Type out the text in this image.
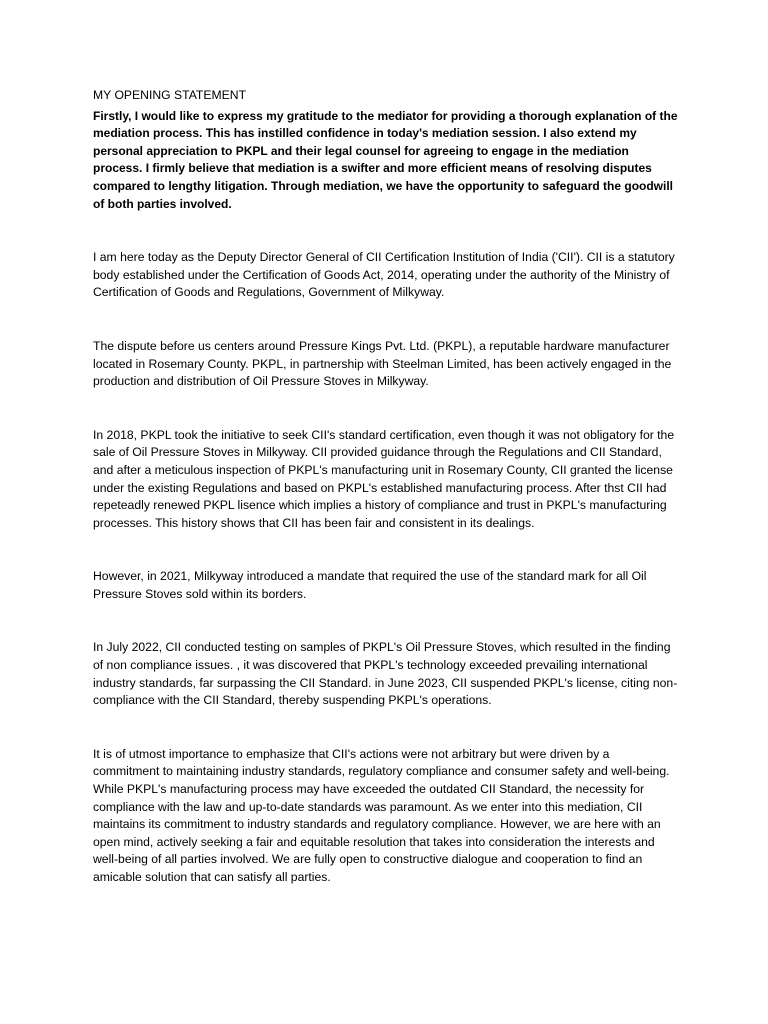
MY OPENING STATEMENT

Firstly, I would like to express my gratitude to the mediator for providing a thorough explanation of the mediation process. This has instilled confidence in today's mediation session. I also extend my personal appreciation to PKPL and their legal counsel for agreeing to engage in the mediation process. I firmly believe that mediation is a swifter and more efficient means of resolving disputes compared to lengthy litigation. Through mediation, we have the opportunity to safeguard the goodwill of both parties involved.

I am here today as the Deputy Director General of CII Certification Institution of India ('CII'). CII is a statutory body established under the Certification of Goods Act, 2014, operating under the authority of the Ministry of Certification of Goods and Regulations, Government of Milkyway.

The dispute before us centers around Pressure Kings Pvt. Ltd. (PKPL), a reputable hardware manufacturer located in Rosemary County. PKPL, in partnership with Steelman Limited, has been actively engaged in the production and distribution of Oil Pressure Stoves in Milkyway.

In 2018, PKPL took the initiative to seek CII's standard certification, even though it was not obligatory for the sale of Oil Pressure Stoves in Milkyway. CII provided guidance through the Regulations and CII Standard, and after a meticulous inspection of PKPL's manufacturing unit in Rosemary County, CII granted the license under the existing Regulations and based on PKPL's established manufacturing process. After thst CII had repeteadly renewed PKPL lisence which implies a history of compliance and trust in PKPL's manufacturing processes. This history shows that CII has been fair and consistent in its dealings.

However, in 2021, Milkyway introduced a mandate that required the use of the standard mark for all Oil Pressure Stoves sold within its borders.

In July 2022, CII conducted testing on samples of PKPL's Oil Pressure Stoves, which resulted in the finding of non compliance issues. , it was discovered that PKPL's technology exceeded prevailing international industry standards, far surpassing the CII Standard. in June 2023, CII suspended PKPL's license, citing non-compliance with the CII Standard, thereby suspending PKPL's operations.

It is of utmost importance to emphasize that CII's actions were not arbitrary but were driven by a commitment to maintaining industry standards, regulatory compliance and consumer safety and well-being. While PKPL's manufacturing process may have exceeded the outdated CII Standard, the necessity for compliance with the law and up-to-date standards was paramount. As we enter into this mediation, CII maintains its commitment to industry standards and regulatory compliance. However, we are here with an open mind, actively seeking a fair and equitable resolution that takes into consideration the interests and well-being of all parties involved. We are fully open to constructive dialogue and cooperation to find an amicable solution that can satisfy all parties.
